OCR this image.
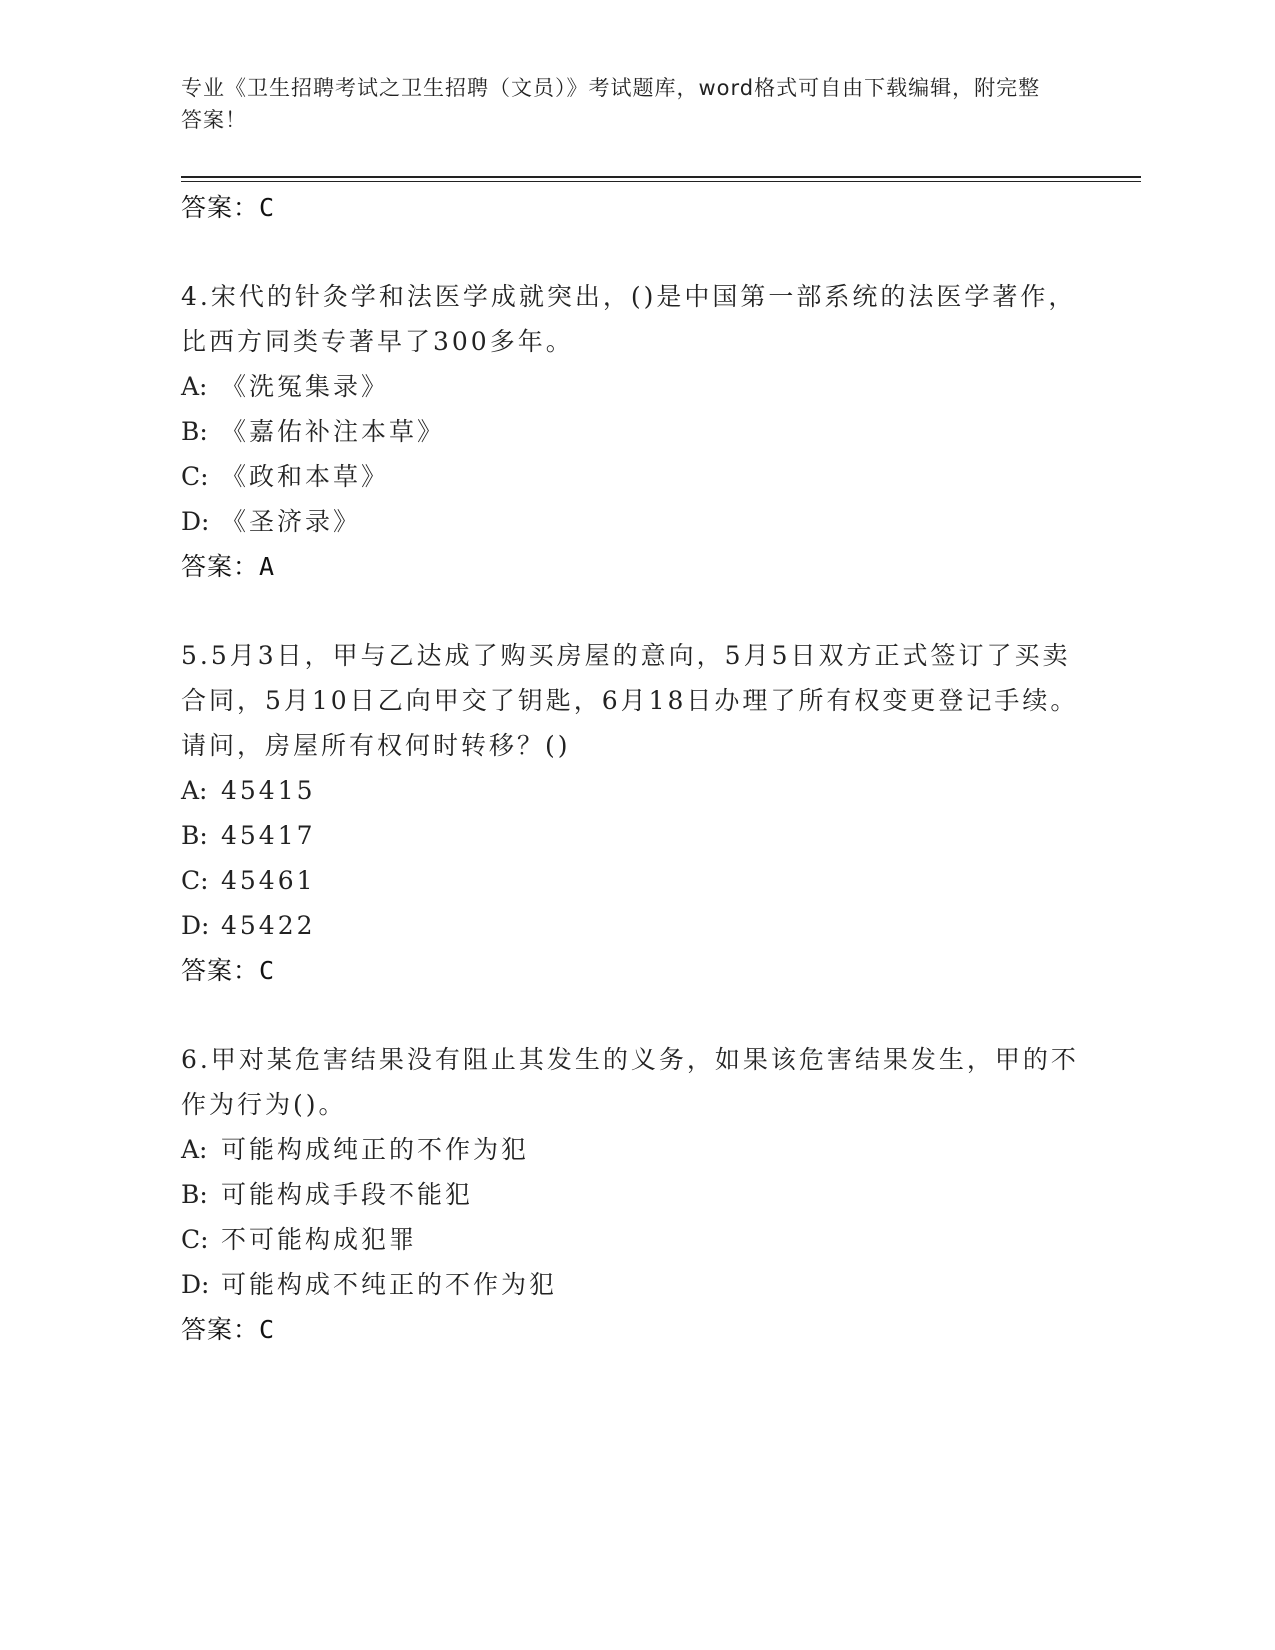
专业《卫生招聘考试之卫生招聘（文员）》考试题库，word格式可自由下载编辑，附完整答案！
答案：C
4.宋代的针灸学和法医学成就突出，()是中国第一部系统的法医学著作，比西方同类专著早了300多年。
A: 《洗冤集录》
B: 《嘉佑补注本草》
C: 《政和本草》
D: 《圣济录》
答案：A
5.5月3日，甲与乙达成了购买房屋的意向，5月5日双方正式签订了买卖合同，5月10日乙向甲交了钥匙，6月18日办理了所有权变更登记手续。请问，房屋所有权何时转移？()
A: 45415
B: 45417
C: 45461
D: 45422
答案：C
6.甲对某危害结果没有阻止其发生的义务，如果该危害结果发生，甲的不作为行为()。
A: 可能构成纯正的不作为犯
B: 可能构成手段不能犯
C: 不可能构成犯罪
D: 可能构成不纯正的不作为犯
答案：C
